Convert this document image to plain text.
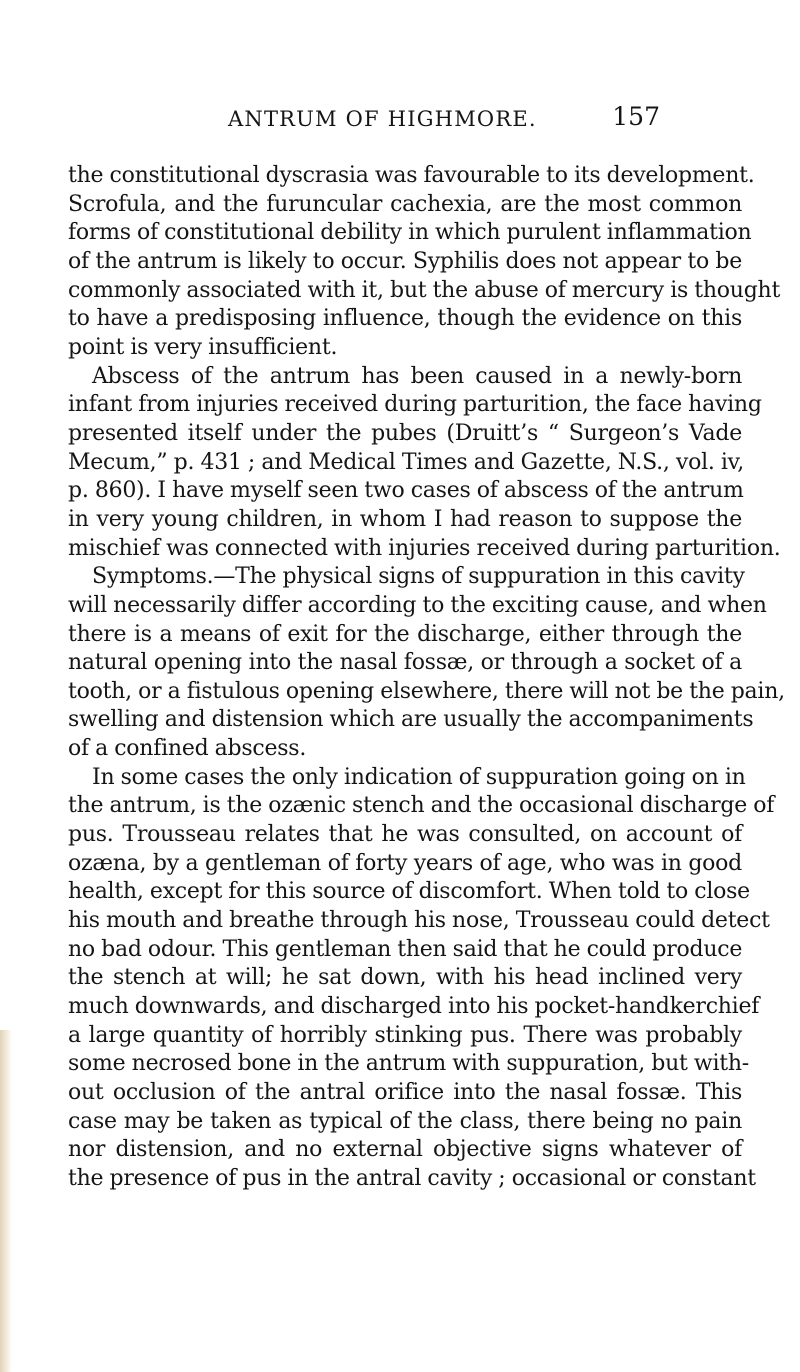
ANTRUM OF HIGHMORE.	157
the constitutional dyscrasia was favourable to its development.
Scrofula, and the furuncular cachexia, are the most common
forms of constitutional debility in which purulent inflammation
of the antrum is likely to occur. Syphilis does not appear to be
commonly associated with it, but the abuse of mercury is thought
to have a predisposing influence, though the evidence on this
point is very insufficient.
Abscess of the antrum has been caused in a newly-born
infant from injuries received during parturition, the face having
presented itself under the pubes (Druitt’s “ Surgeon’s Vade
Mecum,” p. 431 ; and Medical Times and Gazette, N.S., vol. iv,
p. 860). I have myself seen two cases of abscess of the antrum
in very young children, in whom I had reason to suppose the
mischief was connected with injuries received during parturition.
Symptoms.—The physical signs of suppuration in this cavity
will necessarily differ according to the exciting cause, and when
there is a means of exit for the discharge, either through the
natural opening into the nasal fossæ, or through a socket of a
tooth, or a fistulous opening elsewhere, there will not be the pain,
swelling and distension which are usually the accompaniments
of a confined abscess.
In some cases the only indication of suppuration going on in
the antrum, is the ozænic stench and the occasional discharge of
pus. Trousseau relates that he was consulted, on account of
ozæna, by a gentleman of forty years of age, who was in good
health, except for this source of discomfort. When told to close
his mouth and breathe through his nose, Trousseau could detect
no bad odour. This gentleman then said that he could produce
the stench at will; he sat down, with his head inclined very
much downwards, and discharged into his pocket-handkerchief
a large quantity of horribly stinking pus. There was probably
some necrosed bone in the antrum with suppuration, but with-
out occlusion of the antral orifice into the nasal fossæ. This
case may be taken as typical of the class, there being no pain
nor distension, and no external objective signs whatever of
the presence of pus in the antral cavity ; occasional or constant
